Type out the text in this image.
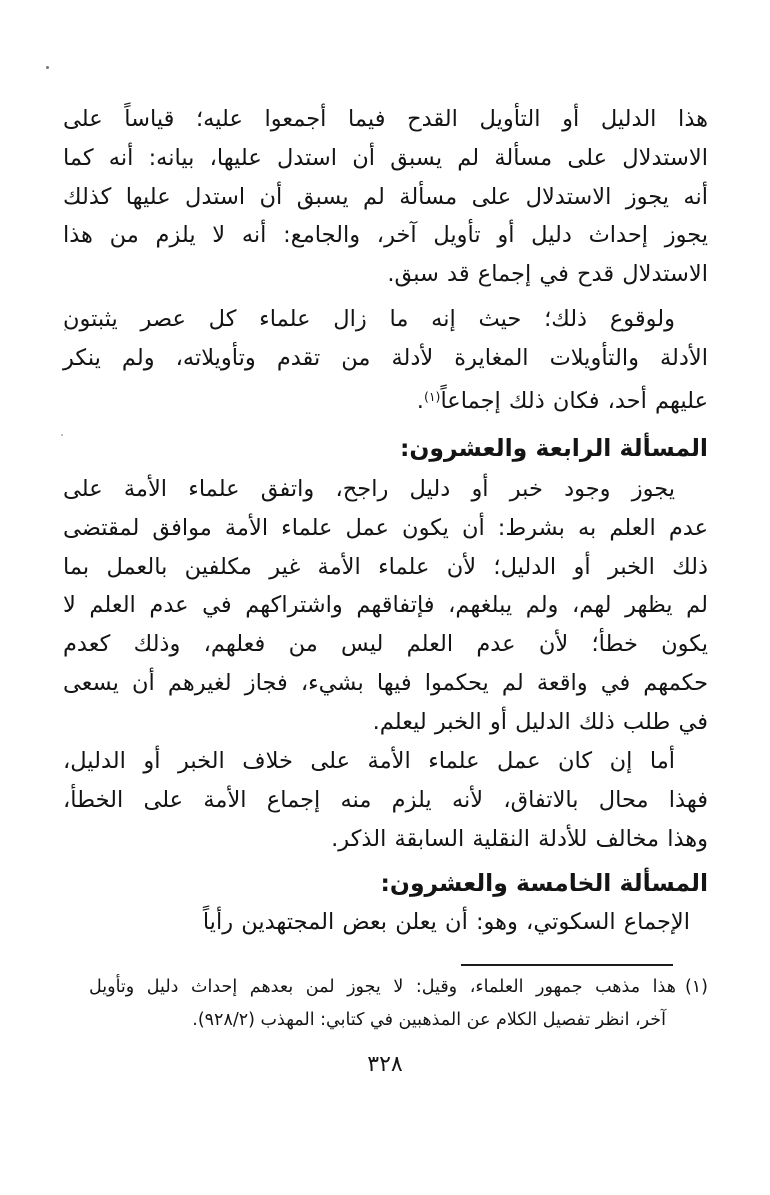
هذا الدليل أو التأويل القدح فيما أجمعوا عليه؛ قياساً على
الاستدلال على مسألة لم يسبق أن استدل عليها، بيانه: أنه كما
أنه يجوز الاستدلال على مسألة لم يسبق أن استدل عليها كذلك
يجوز إحداث دليل أو تأويل آخر، والجامع: أنه لا يلزم من هذا
الاستدلال قدح في إجماع قد سبق.
ولوقوع ذلك؛ حيث إنه ما زال علماء كل عصر يثبتون
الأدلة والتأويلات المغايرة لأدلة من تقدم وتأويلاته، ولم ينكر
عليهم أحد، فكان ذلك إجماعاً$^{(١)}$.
المسألة الرابعة والعشرون:
يجوز وجود خبر أو دليل راجح، واتفق علماء الأمة على
عدم العلم به بشرط: أن يكون عمل علماء الأمة موافق لمقتضى
ذلك الخبر أو الدليل؛ لأن علماء الأمة غير مكلفين بالعمل بما
لم يظهر لهم، ولم يبلغهم، فإتفاقهم واشتراكهم في عدم العلم لا
يكون خطأ؛ لأن عدم العلم ليس من فعلهم، وذلك كعدم
حكمهم في واقعة لم يحكموا فيها بشيء، فجاز لغيرهم أن يسعى
في طلب ذلك الدليل أو الخبر ليعلم.
أما إن كان عمل علماء الأمة على خلاف الخبر أو الدليل،
فهذا محال بالاتفاق، لأنه يلزم منه إجماع الأمة على الخطأ،
وهذا مخالف للأدلة النقلية السابقة الذكر.
المسألة الخامسة والعشرون:
الإجماع السكوتي، وهو: أن يعلن بعض المجتهدين رأياً
(١)هذا مذهب جمهور العلماء، وقيل: لا يجوز لمن بعدهم إحداث دليل وتأويل
آخر، انظر تفصيل الكلام عن المذهبين في كتابي: المهذب (٩٢٨/٢).
٣٢٨
